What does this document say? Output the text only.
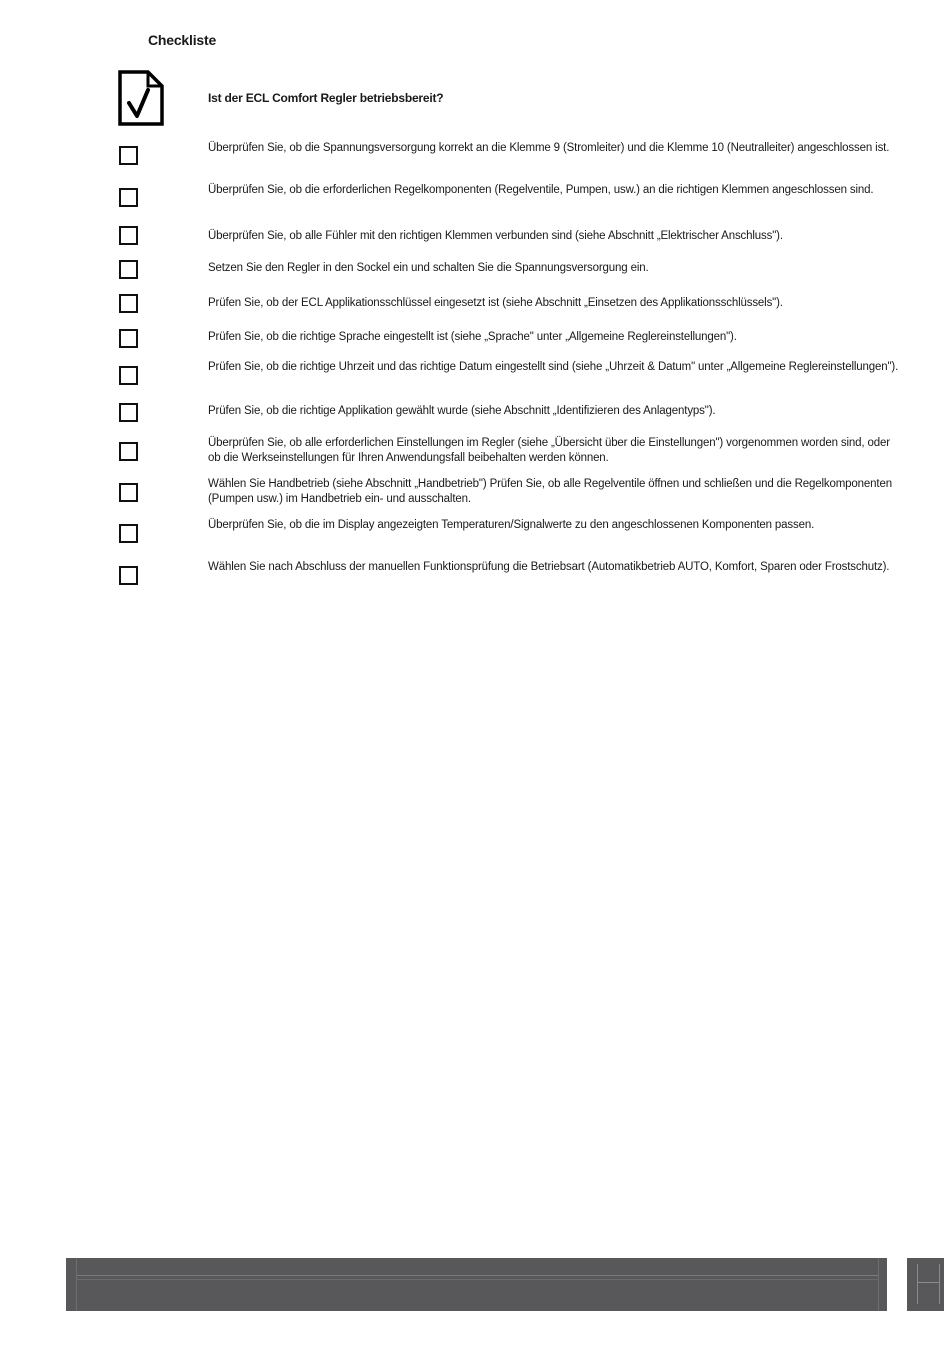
Checkliste
Ist der ECL Comfort Regler betriebsbereit?
Überprüfen Sie, ob die Spannungsversorgung korrekt an die Klemme 9 (Stromleiter) und die Klemme 10 (Neutralleiter) angeschlossen ist.
Überprüfen Sie, ob die erforderlichen Regelkomponenten (Regelventile, Pumpen, usw.) an die richtigen Klemmen angeschlossen sind.
Überprüfen Sie, ob alle Fühler mit den richtigen Klemmen verbunden sind (siehe Abschnitt „Elektrischer Anschluss").
Setzen Sie den Regler in den Sockel ein und schalten Sie die Spannungsversorgung ein.
Prüfen Sie, ob der ECL Applikationsschlüssel eingesetzt ist (siehe Abschnitt „Einsetzen des Applikationsschlüssels").
Prüfen Sie, ob die richtige Sprache eingestellt ist (siehe „Sprache" unter „Allgemeine Reglereinstellungen").
Prüfen Sie, ob die richtige Uhrzeit und das richtige Datum eingestellt sind (siehe „Uhrzeit & Datum" unter „Allgemeine Reglereinstellungen").
Prüfen Sie, ob die richtige Applikation gewählt wurde (siehe Abschnitt „Identifizieren des Anlagentyps").
Überprüfen Sie, ob alle erforderlichen Einstellungen im Regler (siehe „Übersicht über die Einstellungen") vorgenommen worden sind, oder ob die Werkseinstellungen für Ihren Anwendungsfall beibehalten werden können.
Wählen Sie Handbetrieb (siehe Abschnitt „Handbetrieb") Prüfen Sie, ob alle Regelventile öffnen und schließen und die Regelkomponenten (Pumpen usw.) im Handbetrieb ein- und ausschalten.
Überprüfen Sie, ob die im Display angezeigten Temperaturen/Signalwerte zu den angeschlossenen Komponenten passen.
Wählen Sie nach Abschluss der manuellen Funktionsprüfung die Betriebsart (Automatikbetrieb AUTO, Komfort, Sparen oder Frostschutz).
